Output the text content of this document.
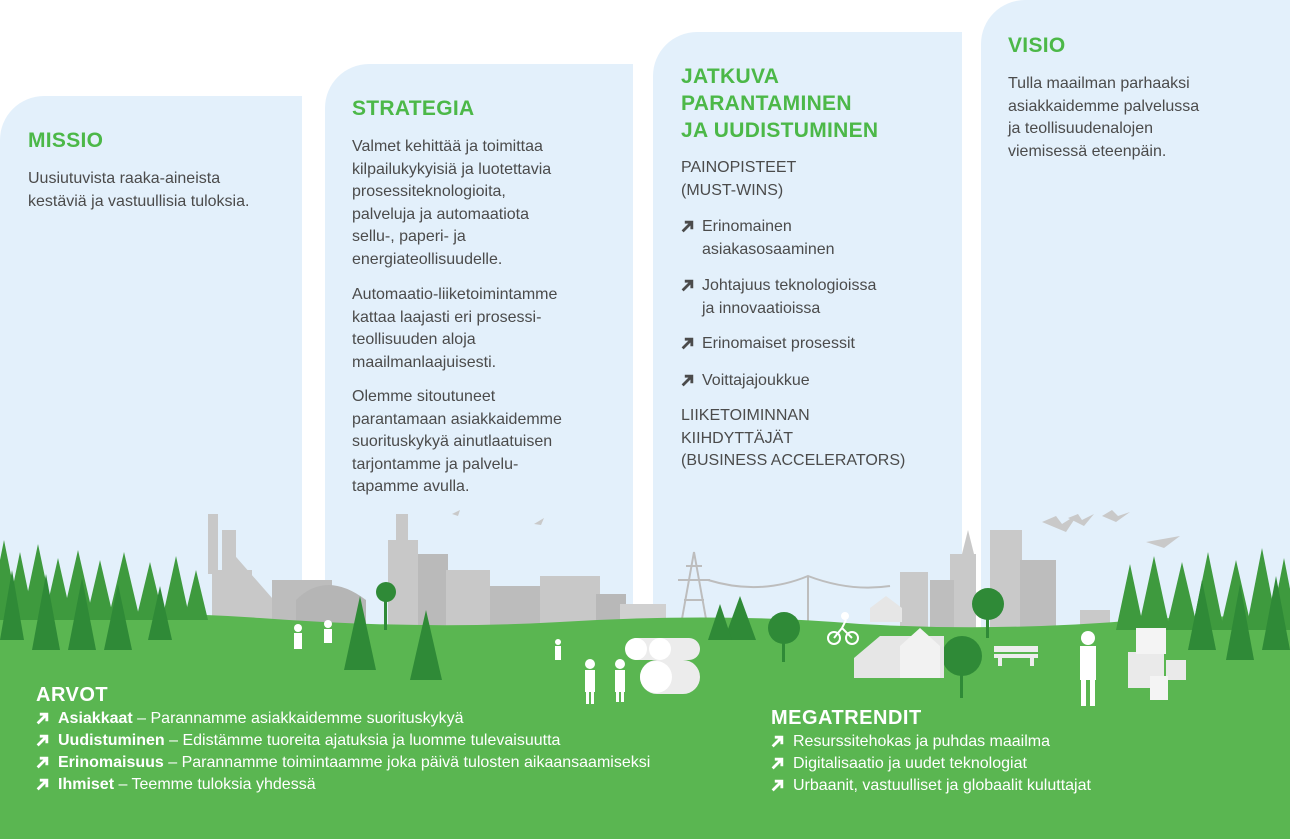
MISSIO
Uusiutuvista raaka-aineista
kestäviä ja vastuullisia tuloksia.
STRATEGIA
Valmet kehittää ja toimittaa
kilpailukykyisiä ja luotettavia
prosessiteknologioita,
palveluja ja automaatiota
sellu-, paperi- ja
energiateollisuudelle.
Automaatio-liiketoimintamme
kattaa laajasti eri prosessi-
teollisuuden aloja
maailmanlaajuisesti.
Olemme sitoutuneet
parantamaan asiakkaidemme
suorituskykyä ainutlaatuisen
tarjontamme ja palvelu-
tapamme avulla.
JATKUVA
PARANTAMINEN
JA UUDISTUMINEN
PAINOPISTEET
(MUST-WINS)
Erinomainen
asiakasosaaminen
Johtajuus teknologioissa
ja innovaatioissa
Erinomaiset prosessit
Voittajajoukkue
LIIKETOIMINNAN
KIIHDYTTÄJÄT
(BUSINESS ACCELERATORS)
VISIO
Tulla maailman parhaaksi
asiakkaidemme palvelussa
ja teollisuudenalojen
viemisessä eteenpäin.
ARVOT
MEGATRENDIT
Asiakkaat – Parannamme asiakkaidemme suorituskykyä
Uudistuminen – Edistämme tuoreita ajatuksia ja luomme tulevaisuutta
Erinomaisuus – Parannamme toimintaamme joka päivä tulosten aikaansaamiseksi
Ihmiset – Teemme tuloksia yhdessä
Resurssitehokas ja puhdas maailma
Digitalisaatio ja uudet teknologiat
Urbaanit, vastuulliset ja globaalit kuluttajat
